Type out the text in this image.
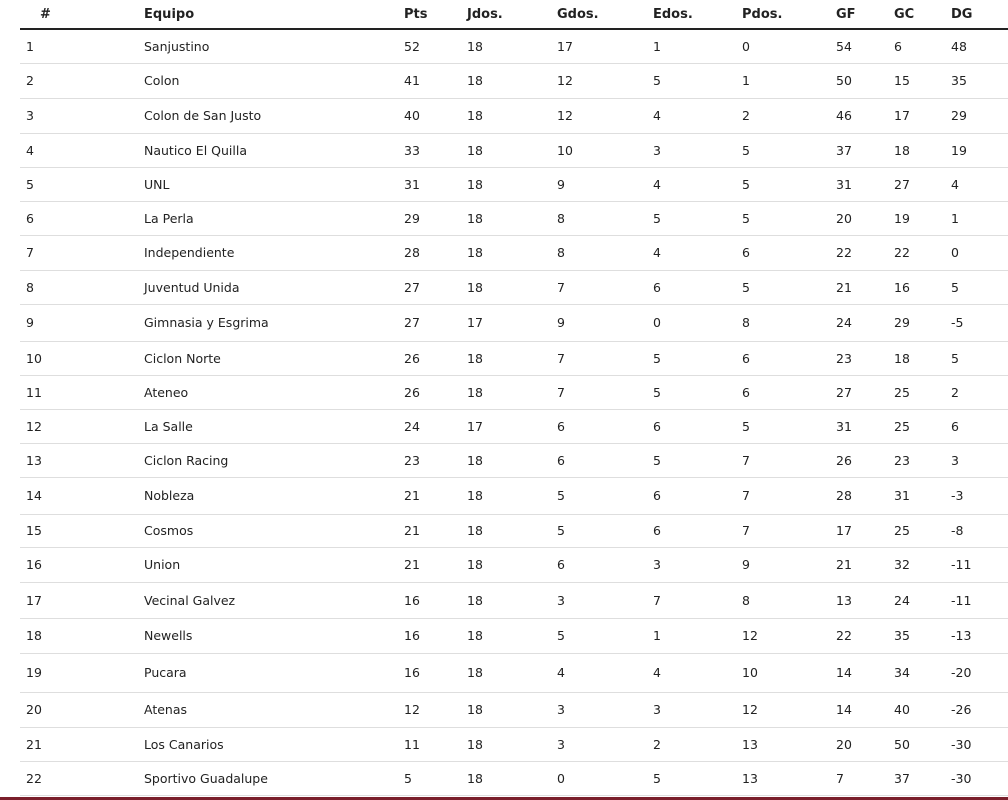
#	Equipo	Pts	Jdos.	Gdos.	Edos.	Pdos.	GF	GC	DG
1	Sanjustino	52	18	17	1	0	54	6	48
2	Colon	41	18	12	5	1	50	15	35
3	Colon de San Justo	40	18	12	4	2	46	17	29
4	Nautico El Quilla	33	18	10	3	5	37	18	19
5	UNL	31	18	9	4	5	31	27	4
6	La Perla	29	18	8	5	5	20	19	1
7	Independiente	28	18	8	4	6	22	22	0
8	Juventud Unida	27	18	7	6	5	21	16	5
9	Gimnasia y Esgrima	27	17	9	0	8	24	29	-5
10	Ciclon Norte	26	18	7	5	6	23	18	5
11	Ateneo	26	18	7	5	6	27	25	2
12	La Salle	24	17	6	6	5	31	25	6
13	Ciclon Racing	23	18	6	5	7	26	23	3
14	Nobleza	21	18	5	6	7	28	31	-3
15	Cosmos	21	18	5	6	7	17	25	-8
16	Union	21	18	6	3	9	21	32	-11
17	Vecinal Galvez	16	18	3	7	8	13	24	-11
18	Newells	16	18	5	1	12	22	35	-13
19	Pucara	16	18	4	4	10	14	34	-20
20	Atenas	12	18	3	3	12	14	40	-26
21	Los Canarios	11	18	3	2	13	20	50	-30
22	Sportivo Guadalupe	5	18	0	5	13	7	37	-30
